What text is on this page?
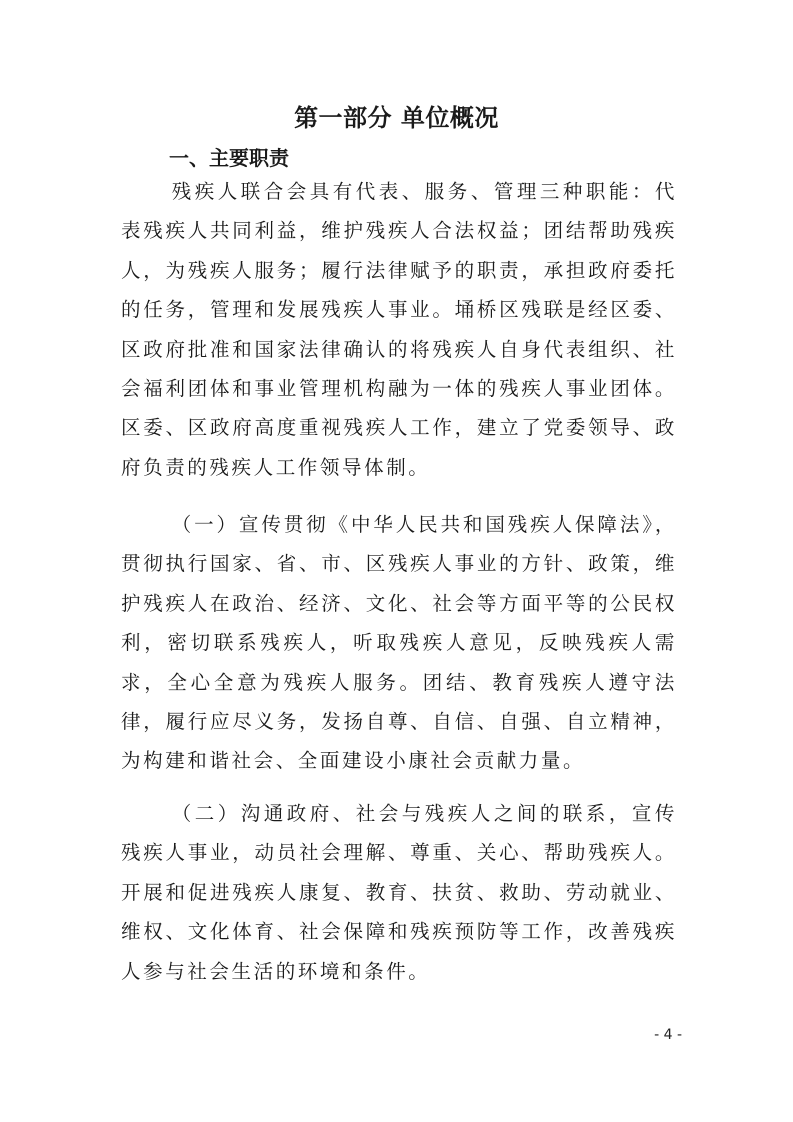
第一部分 单位概况
一、主要职责

残疾人联合会具有代表、服务、管理三种职能：代表残疾人共同利益，维护残疾人合法权益；团结帮助残疾人，为残疾人服务；履行法律赋予的职责，承担政府委托的任务，管理和发展残疾人事业。埇桥区残联是经区委、区政府批准和国家法律确认的将残疾人自身代表组织、社会福利团体和事业管理机构融为一体的残疾人事业团体。区委、区政府高度重视残疾人工作，建立了党委领导、政府负责的残疾人工作领导体制。

（一）宣传贯彻《中华人民共和国残疾人保障法》，贯彻执行国家、省、市、区残疾人事业的方针、政策，维护残疾人在政治、经济、文化、社会等方面平等的公民权利，密切联系残疾人，听取残疾人意见，反映残疾人需求，全心全意为残疾人服务。团结、教育残疾人遵守法律，履行应尽义务，发扬自尊、自信、自强、自立精神，为构建和谐社会、全面建设小康社会贡献力量。

（二）沟通政府、社会与残疾人之间的联系，宣传残疾人事业，动员社会理解、尊重、关心、帮助残疾人。开展和促进残疾人康复、教育、扶贫、救助、劳动就业、维权、文化体育、社会保障和残疾预防等工作，改善残疾人参与社会生活的环境和条件。

- 4 -
